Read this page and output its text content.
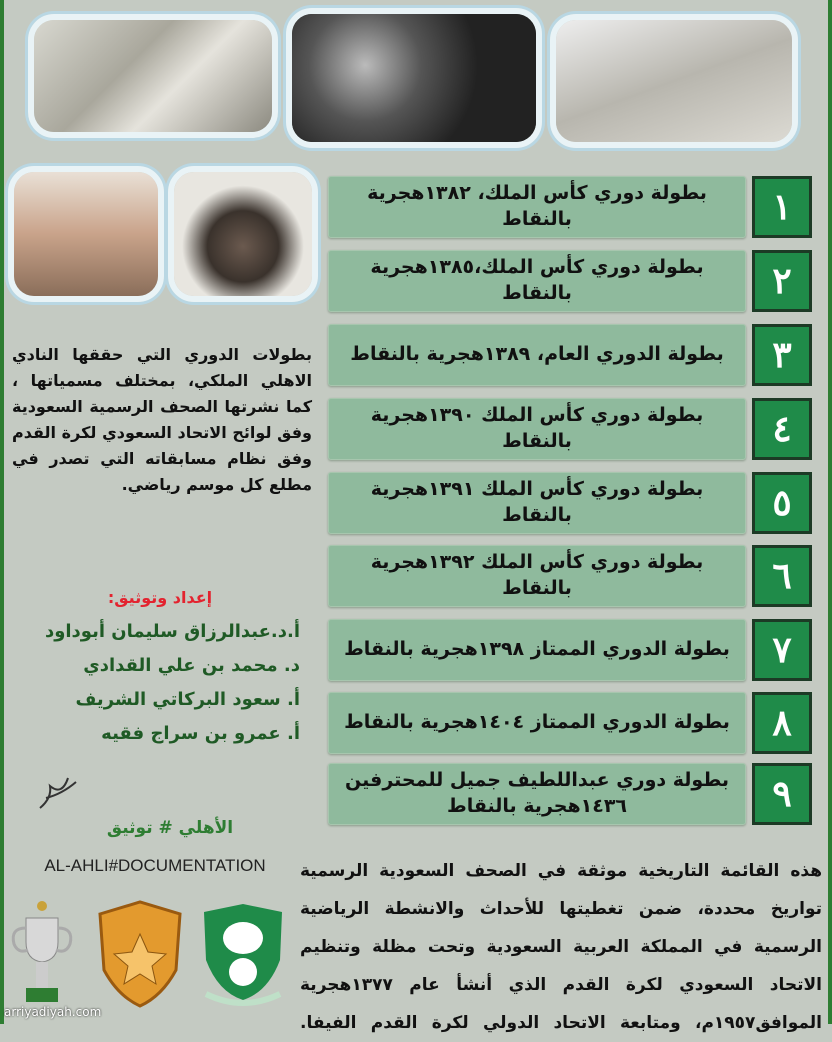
بطولة دوري كأس الملك، ١٣٨٢هجرية بالنقاط	١
بطولة دوري كأس الملك،١٣٨٥هجرية بالنقاط	٢
بطولة الدوري العام، ١٣٨٩هجرية بالنقاط	٣
بطولة دوري كأس الملك ١٣٩٠هجرية بالنقاط	٤
بطولة دوري كأس الملك ١٣٩١هجرية بالنقاط	٥
بطولة دوري كأس الملك ١٣٩٢هجرية بالنقاط	٦
بطولة الدوري الممتاز ١٣٩٨هجرية بالنقاط	٧
بطولة الدوري الممتاز ١٤٠٤هجرية بالنقاط	٨
بطولة دوري عبداللطيف جميل للمحترفين ١٤٣٦هجرية بالنقاط	٩
بطولات الدوري التي حققها النادي الاهلي الملكي، بمختلف مسمياتها ، كما نشرتها الصحف الرسمية السعودية وفق لوائح الاتحاد السعودي لكرة القدم وفق نظام مسابقاته التي تصدر في مطلع كل موسم رياضي.
إعداد وتوثيق:
أ.د.عبدالرزاق سليمان أبوداود
د. محمد بن علي القدادي
أ. سعود البركاتي الشريف
أ. عمرو بن سراج فقيه
الأهلي # توثيق
AL-AHLI#DOCUMENTATION	هذه القائمة التاريخية موثقة في الصحف السعودية الرسمية تواريخ محددة، ضمن تغطيتها للأحداث والانشطة الرياضية الرسمية في المملكة العربية السعودية وتحت مظلة وتنظيم الاتحاد السعودي لكرة القدم الذي أنشأ عام ١٣٧٧هجرية الموافق١٩٥٧م، ومتابعة الاتحاد الدولي لكرة القدم الفيفا.
arriyadiyah.com
